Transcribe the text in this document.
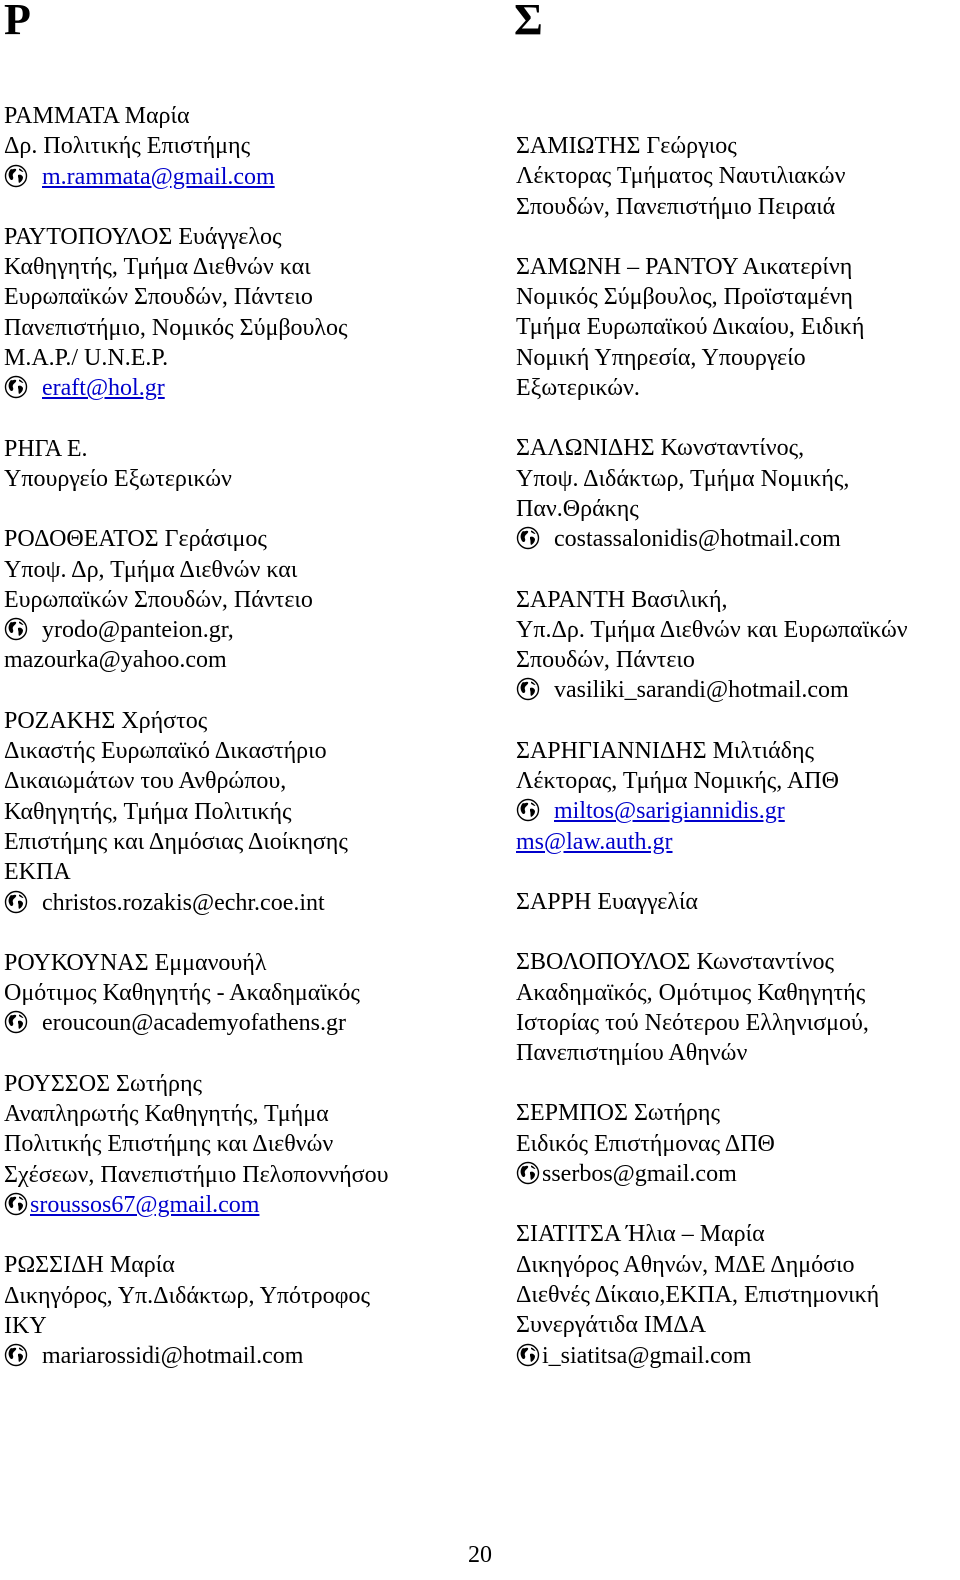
Ρ	Σ
ΡΑΜΜΑΤΑ Μαρία
Δρ. Πολιτικής Επιστήμης
m.rammata@gmail.com
ΡΑΥΤΟΠΟΥΛΟΣ Ευάγγελος
Καθηγητής, Τμήμα Διεθνών και
Ευρωπαϊκών Σπουδών, Πάντειο
Πανεπιστήμιο, Νομικός Σύμβουλος
Μ.Α.Ρ./ U.N.E.P.
eraft@hol.gr
ΡΗΓΑ Ε.
Υπουργείο Εξωτερικών
ΡΟΔΟΘΕΑΤΟΣ Γεράσιμος
Υποψ. Δρ, Τμήμα Διεθνών και
Ευρωπαϊκών Σπουδών, Πάντειο
yrodo@panteion.gr,
mazourka@yahoo.com
ΡΟΖΑΚΗΣ Χρήστος
Δικαστής Ευρωπαϊκό Δικαστήριο
Δικαιωμάτων του Ανθρώπου,
Καθηγητής, Τμήμα Πολιτικής
Επιστήμης και Δημόσιας Διοίκησης
ΕΚΠΑ
christos.rozakis@echr.coe.int
ΡΟΥΚΟΥΝΑΣ Εμμανουήλ
Ομότιμος Καθηγητής - Ακαδημαϊκός
eroucoun@academyofathens.gr
ΡΟΥΣΣΟΣ Σωτήρης
Αναπληρωτής Καθηγητής, Τμήμα
Πολιτικής Επιστήμης και Διεθνών
Σχέσεων, Πανεπιστήμιο Πελοποννήσου
sroussos67@gmail.com
ΡΩΣΣΙΔΗ Μαρία
Δικηγόρος, Υπ.Διδάκτωρ, Υπότροφος
ΙΚΥ
mariarossidi@hotmail.com
ΣΑΜΙΩΤΗΣ Γεώργιος
Λέκτορας Τμήματος Ναυτιλιακών
Σπουδών, Πανεπιστήμιο Πειραιά
ΣΑΜΩΝΗ – ΡΑΝΤΟΥ Αικατερίνη
Νομικός Σύμβουλος, Προϊσταμένη
Τμήμα Ευρωπαϊκού Δικαίου, Ειδική
Νομική Υπηρεσία, Υπουργείο
Εξωτερικών.
ΣΑΛΩΝΙΔΗΣ Κωνσταντίνος,
Υποψ. Διδάκτωρ, Τμήμα Νομικής,
Παν.Θράκης
costassalonidis@hotmail.com
ΣΑΡΑΝΤΗ Βασιλική,
Υπ.Δρ. Τμήμα Διεθνών και Ευρωπαϊκών
Σπουδών, Πάντειο
vasiliki_sarandi@hotmail.com
ΣΑΡΗΓΙΑΝΝΙΔΗΣ Μιλτιάδης
Λέκτορας, Τμήμα Νομικής, ΑΠΘ
miltos@sarigiannidis.gr
ms@law.auth.gr
ΣΑΡΡΗ Ευαγγελία
ΣΒΟΛΟΠΟΥΛΟΣ Κωνσταντίνος
Ακαδημαϊκός, Ομότιμος Καθηγητής
Ιστορίας τού Νεότερου Ελληνισμού,
Πανεπιστημίου Αθηνών
ΣΕΡΜΠΟΣ Σωτήρης
Ειδικός Επιστήμονας ΔΠΘ
sserbos@gmail.com
ΣΙΑΤΙΤΣΑ Ήλια – Μαρία
Δικηγόρος Αθηνών, ΜΔΕ Δημόσιο
Διεθνές Δίκαιο,ΕΚΠΑ, Επιστημονική
Συνεργάτιδα ΙΜΔΑ
i_siatitsa@gmail.com
20
